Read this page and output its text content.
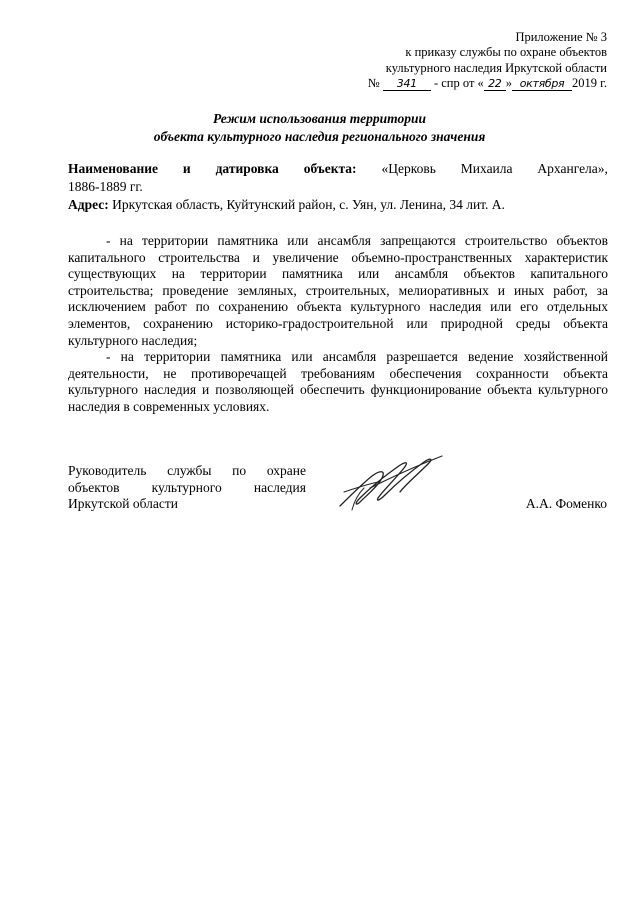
Приложение № 3
к приказу службы по охране объектов
культурного наследия Иркутской области
№ 341 - спр от « 22 » октября 2019 г.
Режим использования территории
объекта культурного наследия регионального значения
Наименование и датировка объекта: «Церковь Михаила Архангела»,
1886-1889 гг.
Адрес: Иркутская область, Куйтунский район, с. Уян, ул. Ленина, 34 лит. А.

- на территории памятника или ансамбля запрещаются строительство объектов капитального строительства и увеличение объемно-пространственных характеристик существующих на территории памятника или ансамбля объектов капитального строительства; проведение земляных, строительных, мелиоративных и иных работ, за исключением работ по сохранению объекта культурного наследия или его отдельных элементов, сохранению историко-градостроительной или природной среды объекта культурного наследия;

- на территории памятника или ансамбля разрешается ведение хозяйственной деятельности, не противоречащей требованиям обеспечения сохранности объекта культурного наследия и позволяющей обеспечить функционирование объекта культурного наследия в современных условиях.

Руководитель службы по охране
объектов культурного наследия
Иркутской области	А.А. Фоменко
